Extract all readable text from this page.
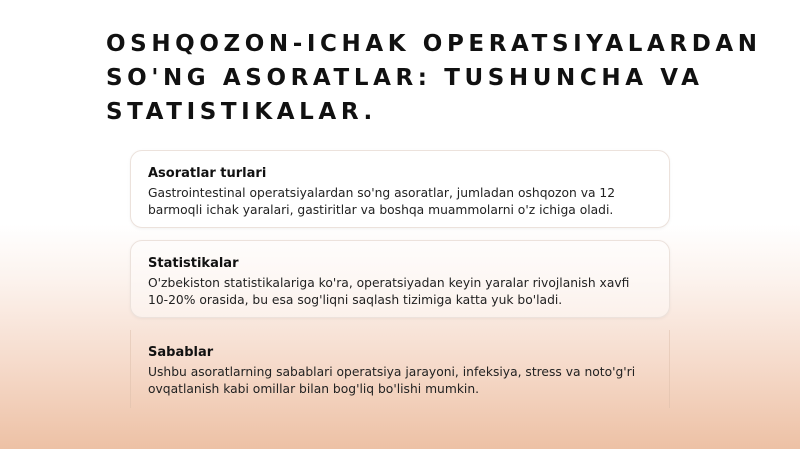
OSHQOZON-ICHAK OPERATSIYALARDAN SO'NG ASORATLAR: TUSHUNCHA VA STATISTIKALAR.
Asoratlar turlari

Gastrointestinal operatsiyalardan so'ng asoratlar, jumladan oshqozon va 12 barmoqli ichak yaralari, gastiritlar va boshqa muammolarni o'z ichiga oladi.

Statistikalar

O'zbekiston statistikalariga ko'ra, operatsiyadan keyin yaralar rivojlanish xavfi 10-20% orasida, bu esa sog'liqni saqlash tizimiga katta yuk bo'ladi.

Sabablar

Ushbu asoratlarning sabablari operatsiya jarayoni, infeksiya, stress va noto'g'ri ovqatlanish kabi omillar bilan bog'liq bo'lishi mumkin.
